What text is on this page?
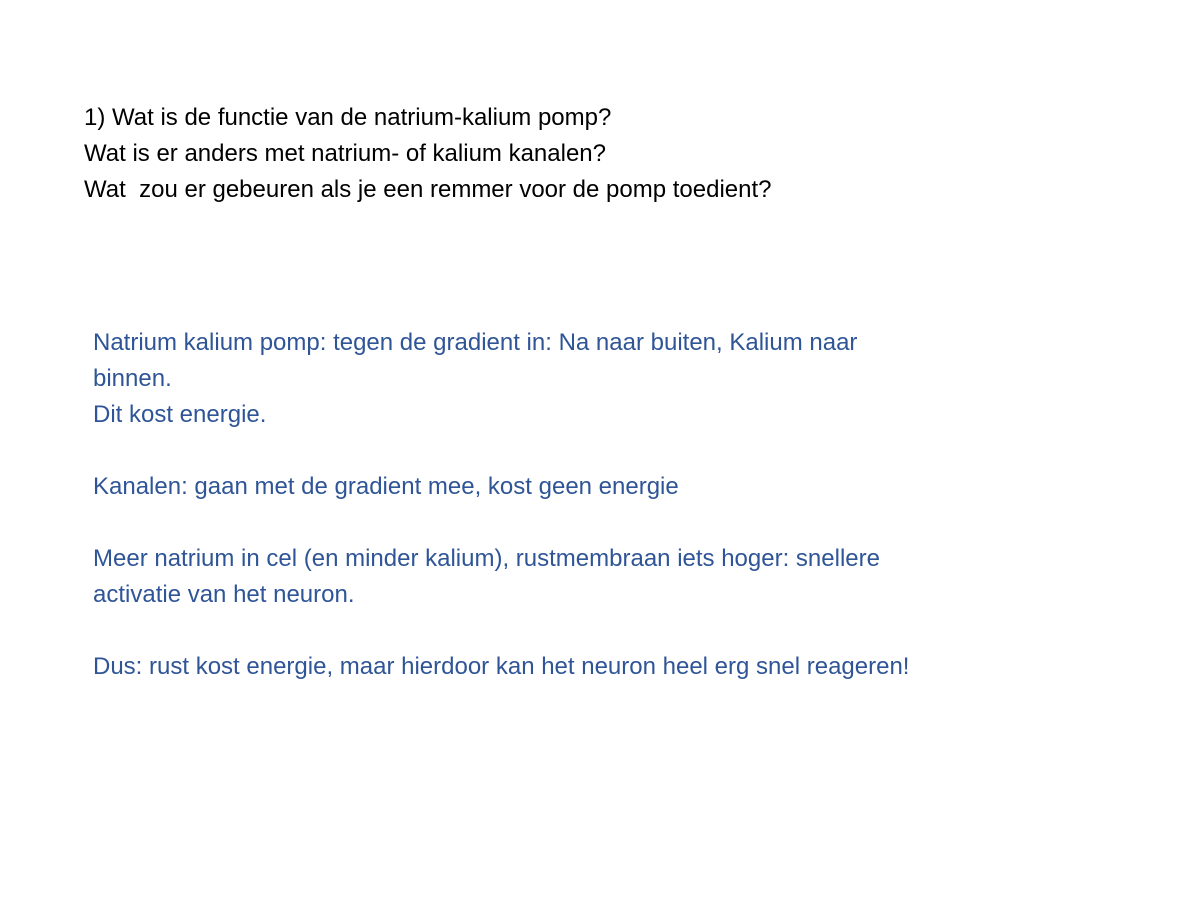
1) Wat is de functie van de natrium-kalium pomp?
Wat is er anders met natrium- of kalium kanalen?
Wat  zou er gebeuren als je een remmer voor de pomp toedient?
Natrium kalium pomp: tegen de gradient in: Na naar buiten, Kalium naar
binnen.
Dit kost energie.
Kanalen: gaan met de gradient mee, kost geen energie
Meer natrium in cel (en minder kalium), rustmembraan iets hoger: snellere
activatie van het neuron.
Dus: rust kost energie, maar hierdoor kan het neuron heel erg snel reageren!
